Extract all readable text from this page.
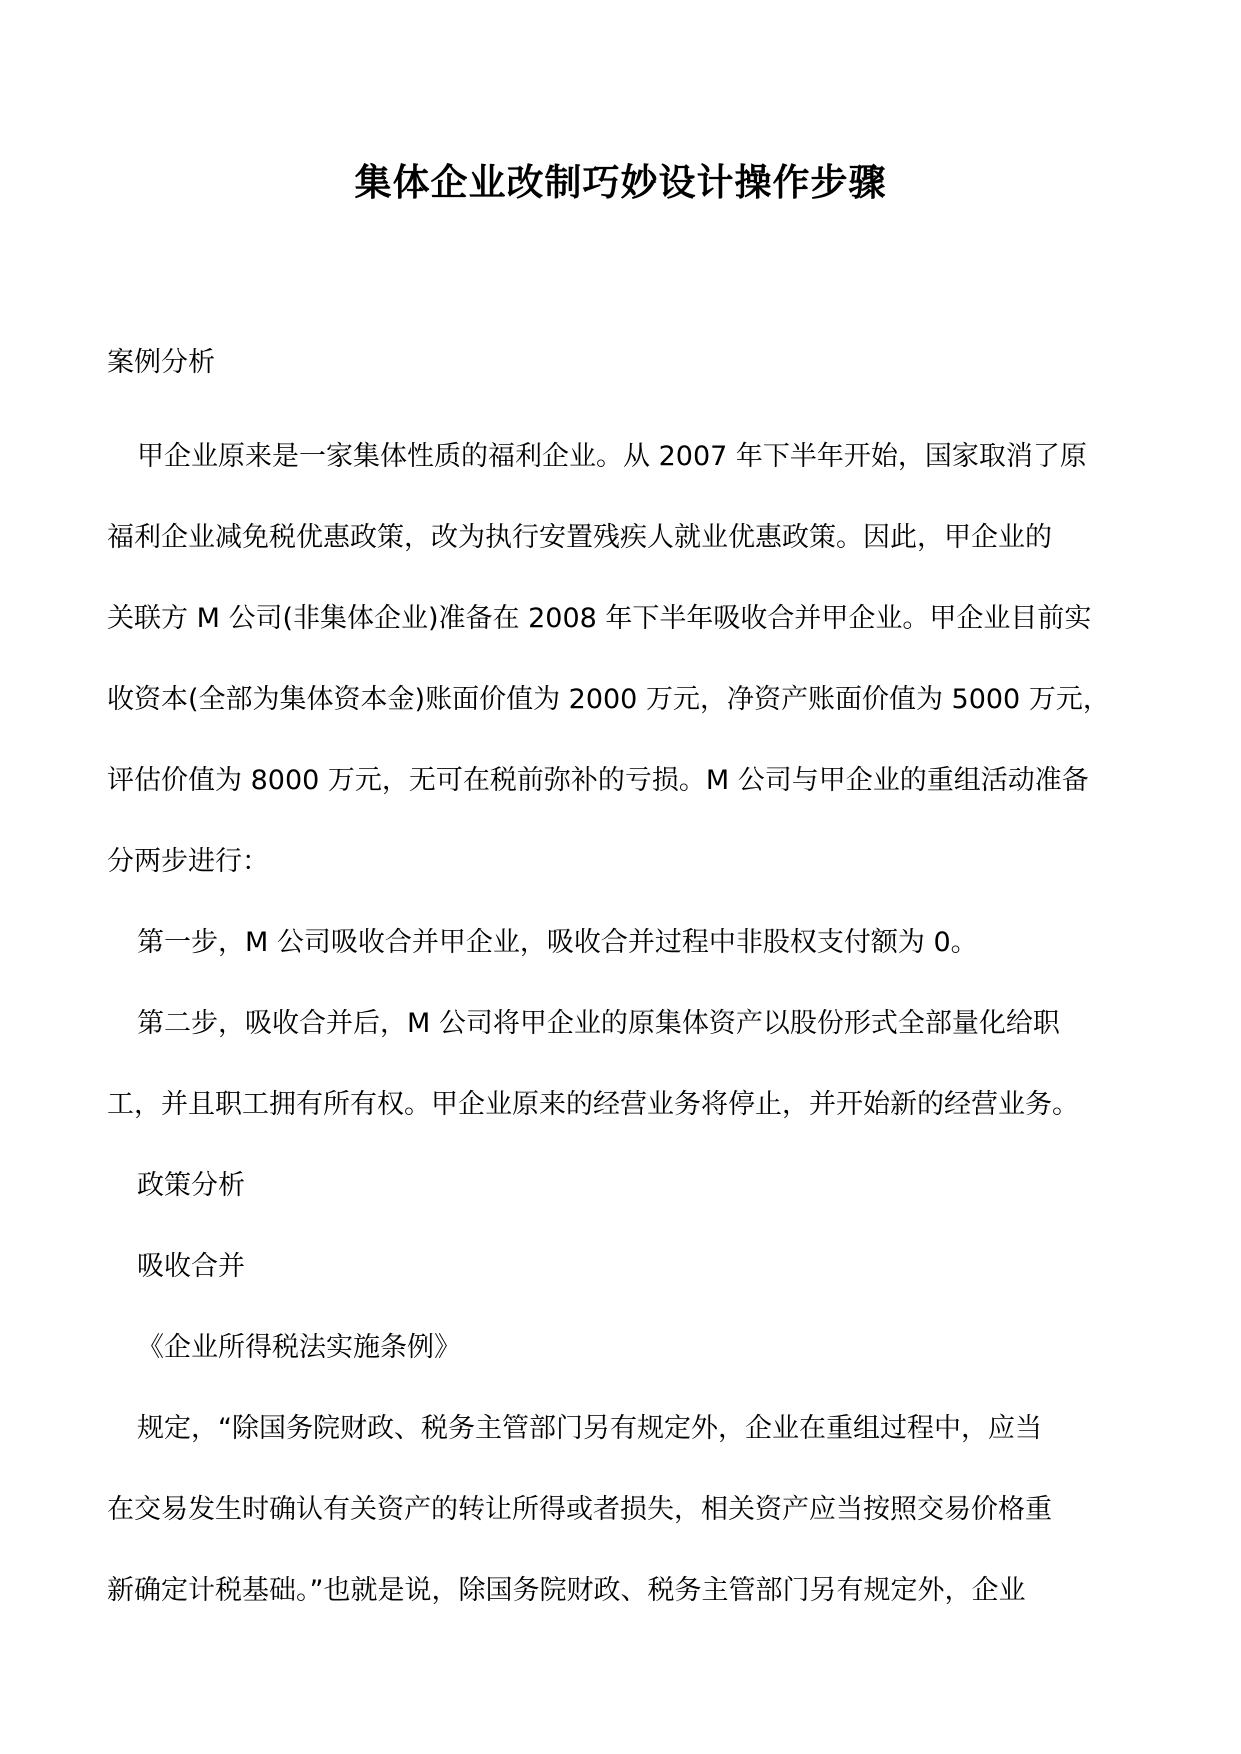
集体企业改制巧妙设计操作步骤
案例分析
甲企业原来是一家集体性质的福利企业。从 2007 年下半年开始，国家取消了原
福利企业减免税优惠政策，改为执行安置残疾人就业优惠政策。因此，甲企业的
关联方 M 公司(非集体企业)准备在 2008 年下半年吸收合并甲企业。甲企业目前实
收资本(全部为集体资本金)账面价值为 2000 万元，净资产账面价值为 5000 万元，
评估价值为 8000 万元，无可在税前弥补的亏损。M 公司与甲企业的重组活动准备
分两步进行：
第一步，M 公司吸收合并甲企业，吸收合并过程中非股权支付额为 0。
第二步，吸收合并后，M 公司将甲企业的原集体资产以股份形式全部量化给职
工，并且职工拥有所有权。甲企业原来的经营业务将停止，并开始新的经营业务。
政策分析
吸收合并
《企业所得税法实施条例》
规定，“除国务院财政、税务主管部门另有规定外，企业在重组过程中，应当
在交易发生时确认有关资产的转让所得或者损失，相关资产应当按照交易价格重
新确定计税基础。”也就是说，除国务院财政、税务主管部门另有规定外，企业
